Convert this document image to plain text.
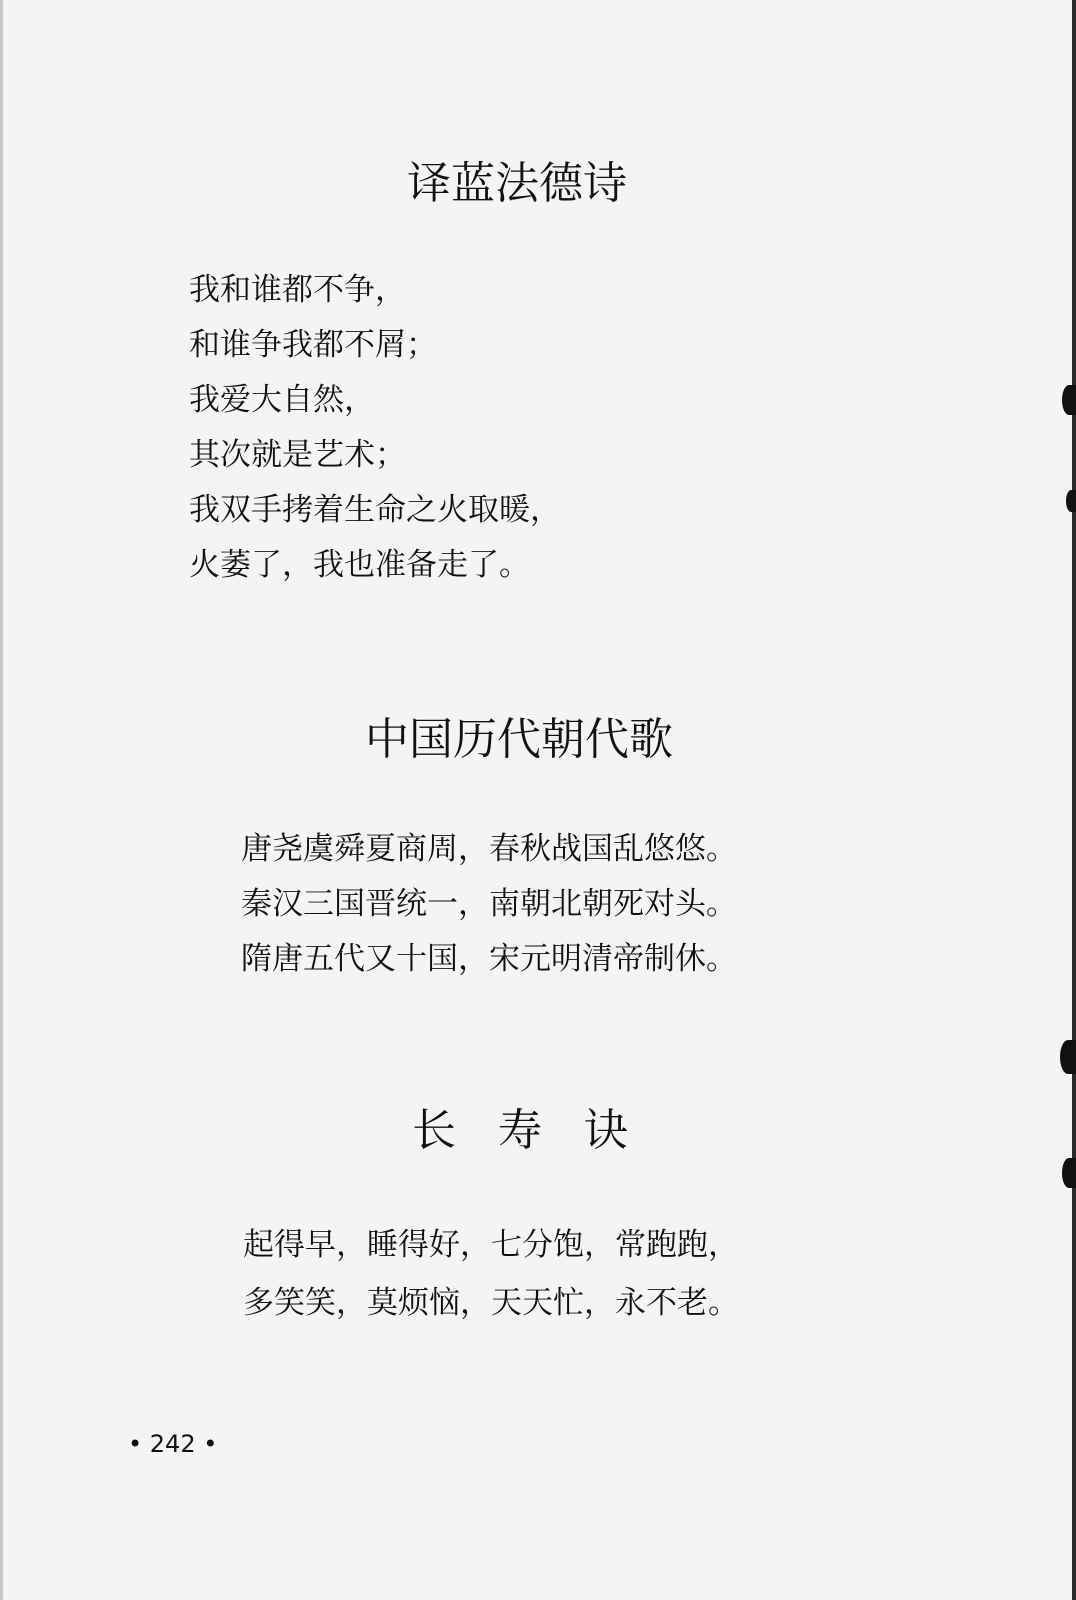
译蓝法德诗
我和谁都不争，
和谁争我都不屑；
我爱大自然，
其次就是艺术；
我双手拷着生命之火取暖，
火萎了，我也准备走了。
中国历代朝代歌
唐尧虞舜夏商周，春秋战国乱悠悠。
秦汉三国晋统一，南朝北朝死对头。
隋唐五代又十国，宋元明清帝制休。
长寿诀
起得早，睡得好，七分饱，常跑跑，
多笑笑，莫烦恼，天天忙，永不老。
• 242 •
